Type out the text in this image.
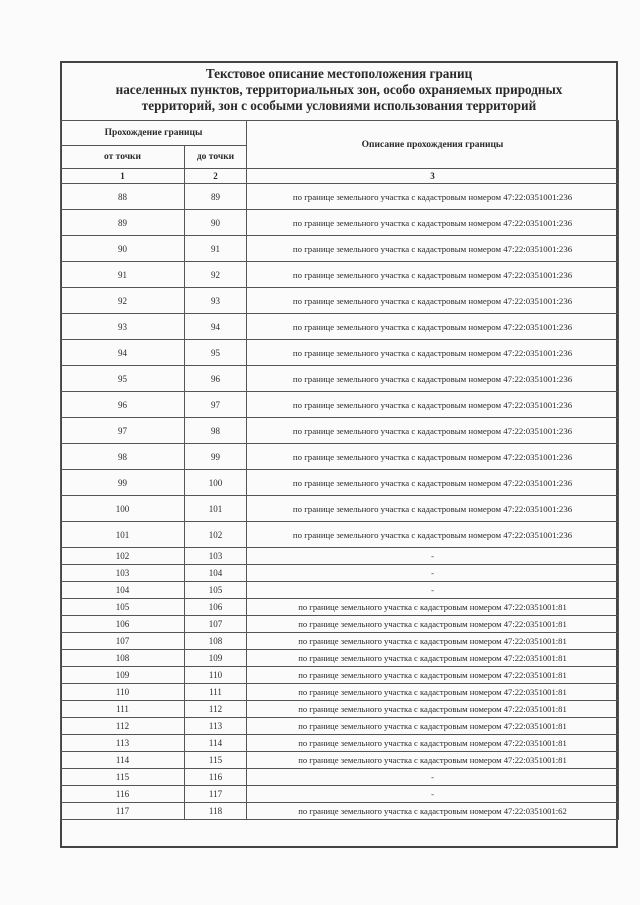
Текстовое описание местоположения границ
населенных пунктов, территориальных зон, особо охраняемых природных
территорий, зон с особыми условиями использования территорий
Прохождение границы		Описание прохождения границы
от точки	до точки	
1	2	3
88	89	по границе земельного участка с кадастровым номером 47:22:0351001:236
89	90	по границе земельного участка с кадастровым номером 47:22:0351001:236
90	91	по границе земельного участка с кадастровым номером 47:22:0351001:236
91	92	по границе земельного участка с кадастровым номером 47:22:0351001:236
92	93	по границе земельного участка с кадастровым номером 47:22:0351001:236
93	94	по границе земельного участка с кадастровым номером 47:22:0351001:236
94	95	по границе земельного участка с кадастровым номером 47:22:0351001:236
95	96	по границе земельного участка с кадастровым номером 47:22:0351001:236
96	97	по границе земельного участка с кадастровым номером 47:22:0351001:236
97	98	по границе земельного участка с кадастровым номером 47:22:0351001:236
98	99	по границе земельного участка с кадастровым номером 47:22:0351001:236
99	100	по границе земельного участка с кадастровым номером 47:22:0351001:236
100	101	по границе земельного участка с кадастровым номером 47:22:0351001:236
101	102	по границе земельного участка с кадастровым номером 47:22:0351001:236
102	103	-
103	104	-
104	105	-
105	106	по границе земельного участка с кадастровым номером 47:22:0351001:81
106	107	по границе земельного участка с кадастровым номером 47:22:0351001:81
107	108	по границе земельного участка с кадастровым номером 47:22:0351001:81
108	109	по границе земельного участка с кадастровым номером 47:22:0351001:81
109	110	по границе земельного участка с кадастровым номером 47:22:0351001:81
110	111	по границе земельного участка с кадастровым номером 47:22:0351001:81
111	112	по границе земельного участка с кадастровым номером 47:22:0351001:81
112	113	по границе земельного участка с кадастровым номером 47:22:0351001:81
113	114	по границе земельного участка с кадастровым номером 47:22:0351001:81
114	115	по границе земельного участка с кадастровым номером 47:22:0351001:81
115	116	-
116	117	-
117	118	по границе земельного участка с кадастровым номером 47:22:0351001:62
